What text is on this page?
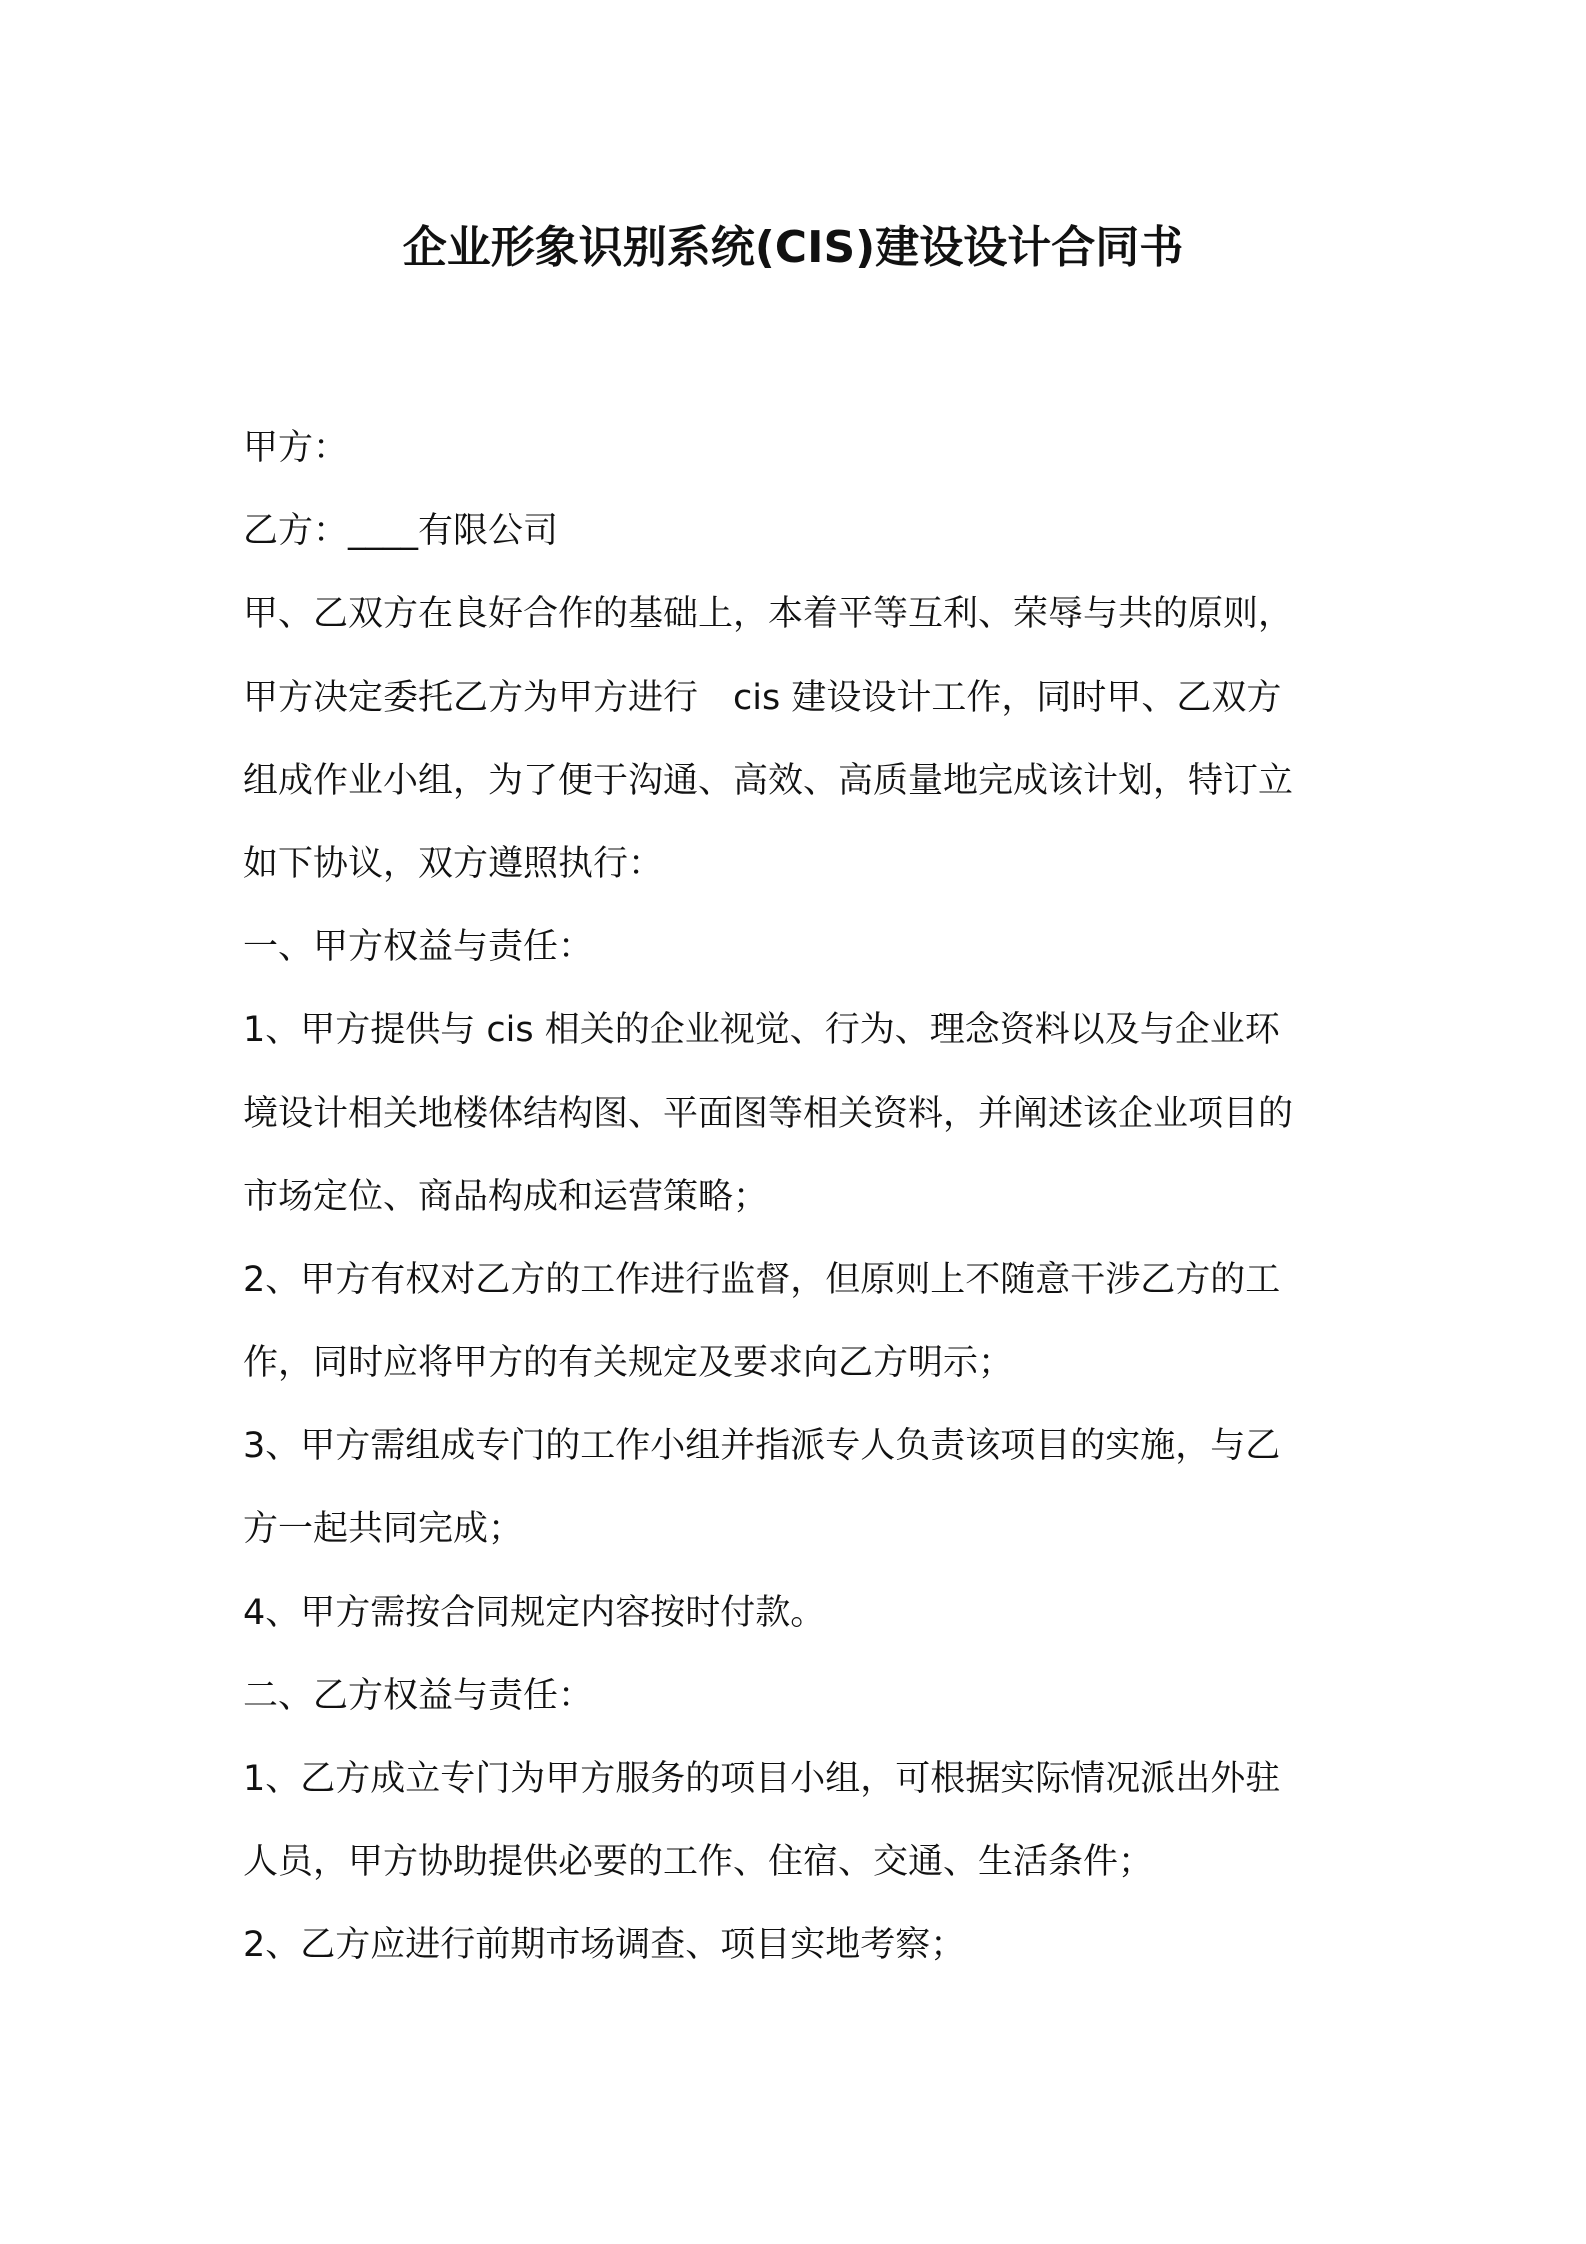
企业形象识别系统(CIS)建设设计合同书
甲方：
乙方：____有限公司
甲、乙双方在良好合作的基础上，本着平等互利、荣辱与共的原则，
甲方决定委托乙方为甲方进行　cis 建设设计工作，同时甲、乙双方
组成作业小组，为了便于沟通、高效、高质量地完成该计划，特订立
如下协议，双方遵照执行：
一、甲方权益与责任：
1、甲方提供与 cis 相关的企业视觉、行为、理念资料以及与企业环
境设计相关地楼体结构图、平面图等相关资料，并阐述该企业项目的
市场定位、商品构成和运营策略；
2、甲方有权对乙方的工作进行监督，但原则上不随意干涉乙方的工
作，同时应将甲方的有关规定及要求向乙方明示；
3、甲方需组成专门的工作小组并指派专人负责该项目的实施，与乙
方一起共同完成；
4、甲方需按合同规定内容按时付款。
二、乙方权益与责任：
1、乙方成立专门为甲方服务的项目小组，可根据实际情况派出外驻
人员，甲方协助提供必要的工作、住宿、交通、生活条件；
2、乙方应进行前期市场调查、项目实地考察；
